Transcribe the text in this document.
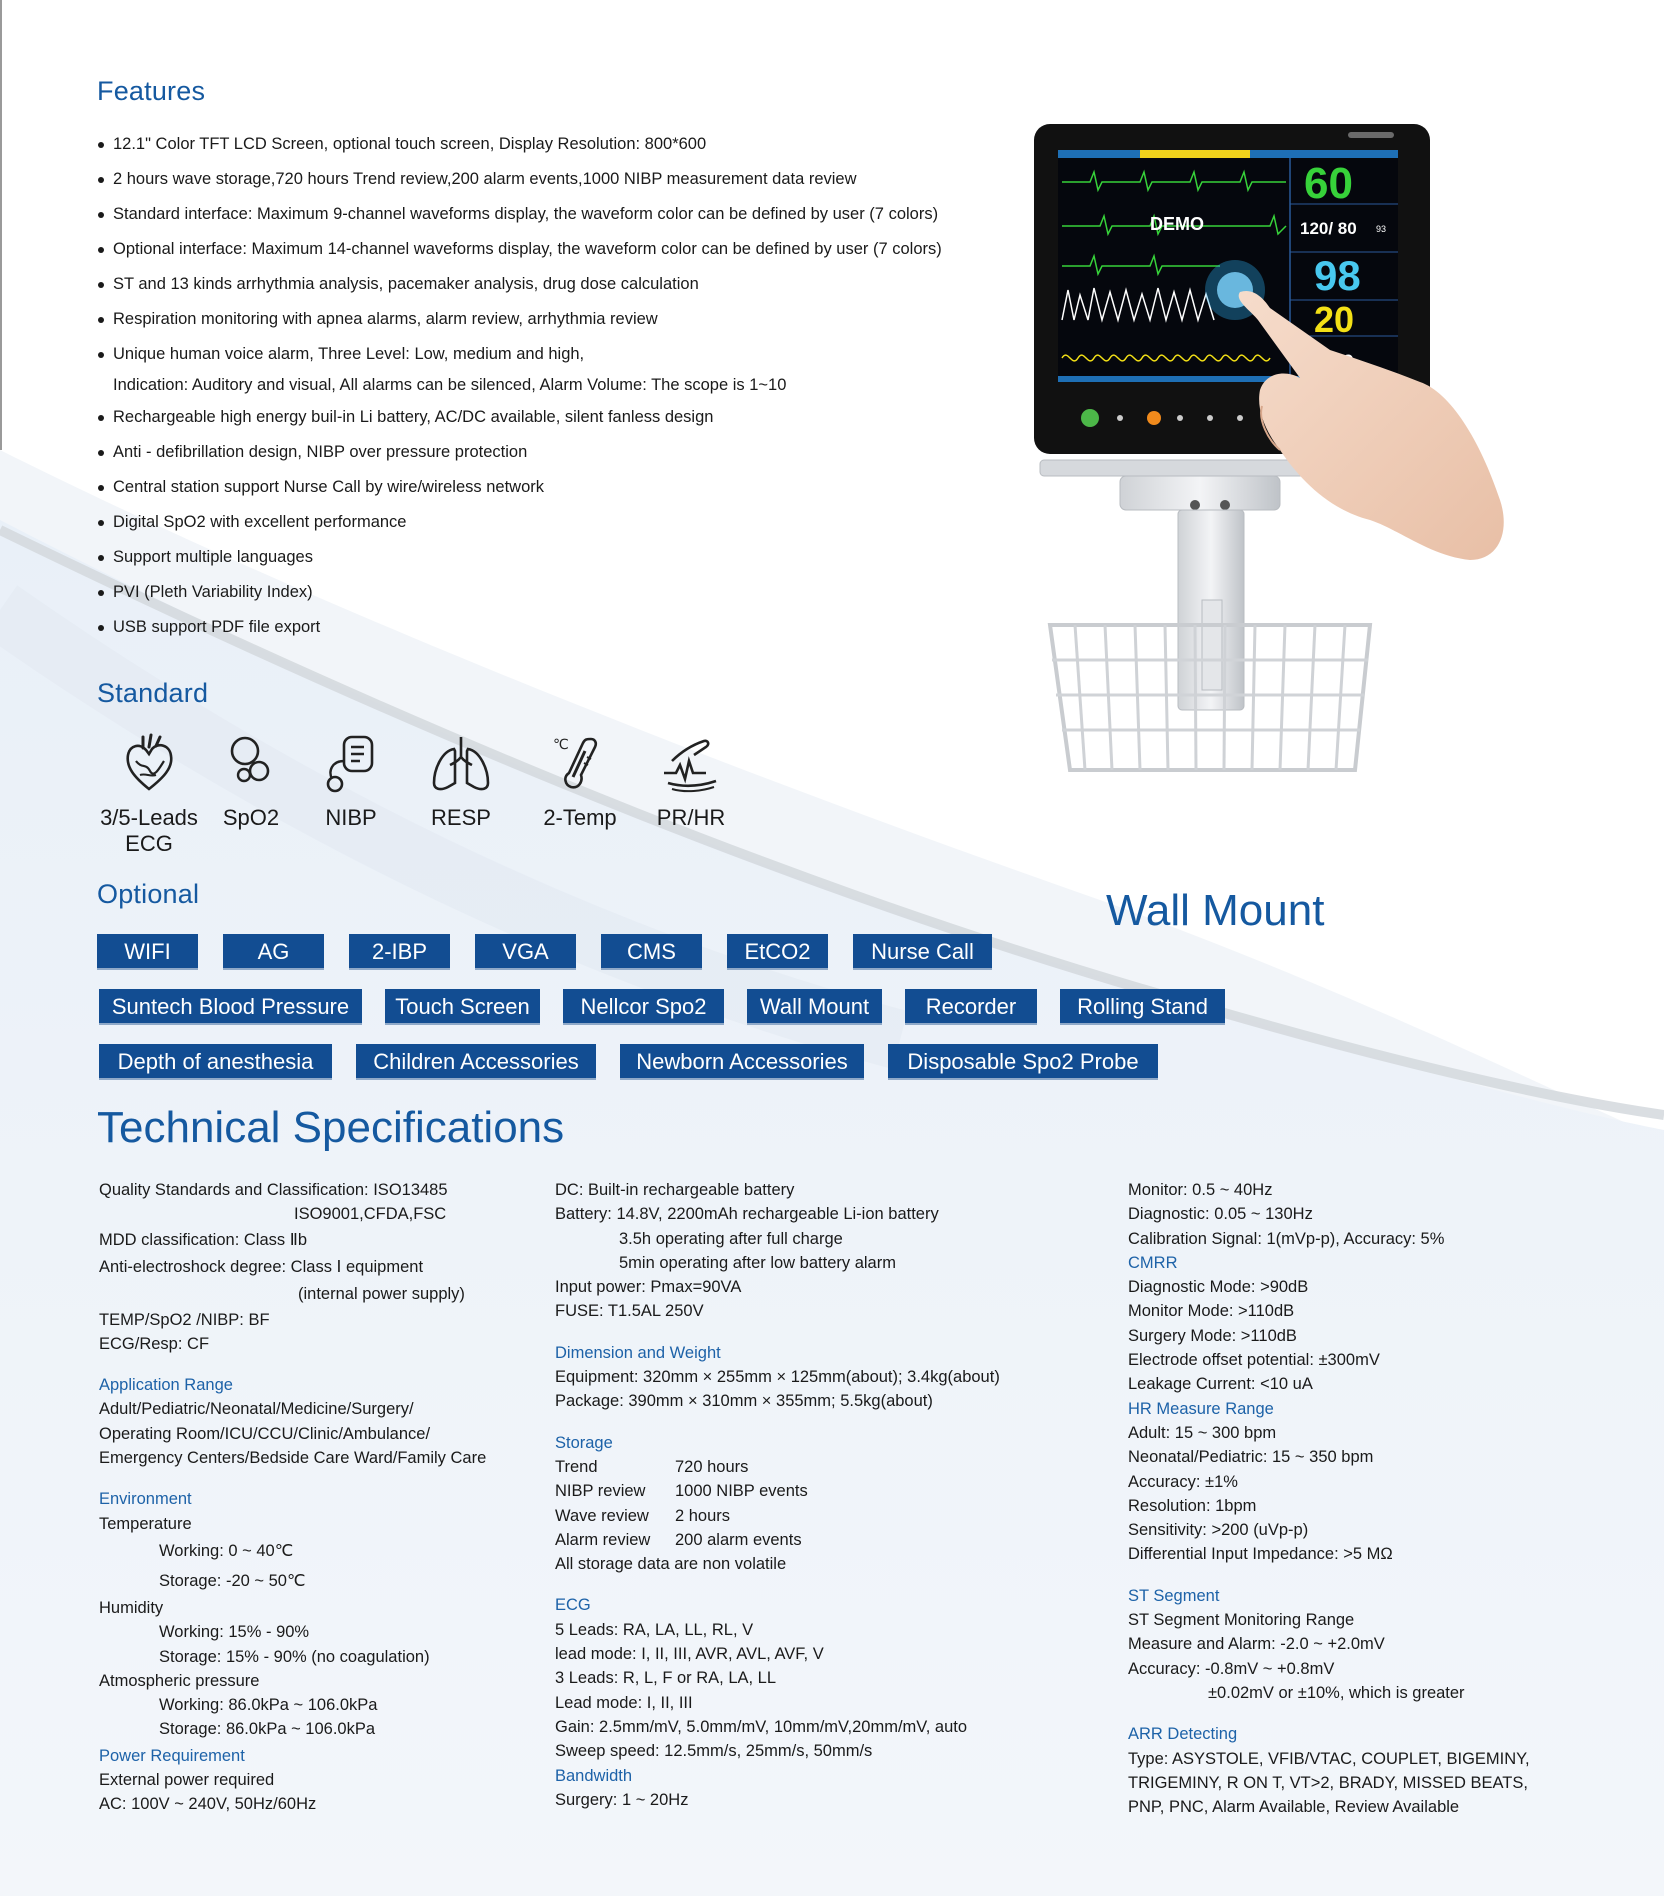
Features
12.1" Color TFT LCD Screen, optional touch screen, Display Resolution: 800*600
2 hours wave storage,720 hours Trend review,200 alarm events,1000 NIBP measurement data review
Standard interface: Maximum 9-channel waveforms display, the waveform color can be defined by user (7 colors)
Optional interface: Maximum 14-channel waveforms display, the waveform color can be defined by user (7 colors)
ST and 13 kinds arrhythmia analysis, pacemaker analysis, drug dose calculation
Respiration monitoring with apnea alarms, alarm review, arrhythmia review
Unique human voice alarm, Three Level: Low, medium and high,
Indication: Auditory and visual, All alarms can be silenced, Alarm Volume: The scope is 1~10
Rechargeable high energy buil-in Li battery, AC/DC available, silent fanless design
Anti - defibrillation design, NIBP over pressure protection
Central station support Nurse Call by wire/wireless network
Digital SpO2 with excellent performance
Support multiple languages
PVI (Pleth Variability Index)
USB support PDF file export
Standard
3/5-Leads
ECG
SpO2 NIBP RESP
℃
2-Temp PR/HR
Optional
WIFI	AG	2-IBP	VGA	CMS	EtCO2	Nurse Call
Suntech Blood Pressure	Touch Screen	Nellcor Spo2	Wall Mount	Recorder	Rolling Stand
Depth of anesthesia	Children Accessories	Newborn Accessories	Disposable Spo2 Probe
DEMO
60
120/ 80 93
98
20
Wall Mount
Technical Specifications
Quality Standards and Classification: ISO13485
ISO9001,CFDA,FSC
MDD classification: Class Ⅱb
Anti-electroshock degree: Class Ⅰ equipment
(internal power supply)
TEMP/SpO2 /NIBP: BF
ECG/Resp: CF
Application Range
Adult/Pediatric/Neonatal/Medicine/Surgery/
Operating Room/ICU/CCU/Clinic/Ambulance/
Emergency Centers/Bedside Care Ward/Family Care
Environment
Temperature
Working: 0 ~ 40℃
Storage: -20 ~ 50℃
Humidity
Working: 15% - 90%
Storage: 15% - 90% (no coagulation)
Atmospheric pressure
Working: 86.0kPa ~ 106.0kPa
Storage: 86.0kPa ~ 106.0kPa
Power Requirement
External power required
AC: 100V ~ 240V, 50Hz/60Hz
DC: Built-in rechargeable battery
Battery: 14.8V, 2200mAh rechargeable Li-ion battery
3.5h operating after full charge
5min operating after low battery alarm
Input power: Pmax=90VA
FUSE: T1.5AL 250V
Dimension and Weight
Equipment: 320mm × 255mm × 125mm(about); 3.4kg(about)
Package: 390mm × 310mm × 355mm; 5.5kg(about)
Storage
Trend	720 hours
NIBP review	1000 NIBP events
Wave review	2 hours
Alarm review	200 alarm events
All storage data are non volatile
ECG
5 Leads: RA, LA, LL, RL, V
lead mode: I, II, III, AVR, AVL, AVF, V
3 Leads: R, L, F or RA, LA, LL
Lead mode: I, II, III
Gain: 2.5mm/mV, 5.0mm/mV, 10mm/mV,20mm/mV, auto
Sweep speed: 12.5mm/s, 25mm/s, 50mm/s
Bandwidth
Surgery: 1 ~ 20Hz
Monitor: 0.5 ~ 40Hz
Diagnostic: 0.05 ~ 130Hz
Calibration Signal: 1(mVp-p), Accuracy: 5%
CMRR
Diagnostic Mode: >90dB
Monitor Mode: >110dB
Surgery Mode: >110dB
Electrode offset potential: ±300mV
Leakage Current: <10 uA
HR Measure Range
Adult: 15 ~ 300 bpm
Neonatal/Pediatric: 15 ~ 350 bpm
Accuracy: ±1%
Resolution: 1bpm
Sensitivity: >200 (uVp-p)
Differential Input Impedance: >5 MΩ
ST Segment
ST Segment Monitoring Range
Measure and Alarm: -2.0 ~ +2.0mV
Accuracy: -0.8mV ~ +0.8mV
±0.02mV or ±10%, which is greater
ARR Detecting
Type: ASYSTOLE, VFIB/VTAC, COUPLET, BIGEMINY,
TRIGEMINY, R ON T, VT>2, BRADY, MISSED BEATS,
PNP, PNC, Alarm Available, Review Available
